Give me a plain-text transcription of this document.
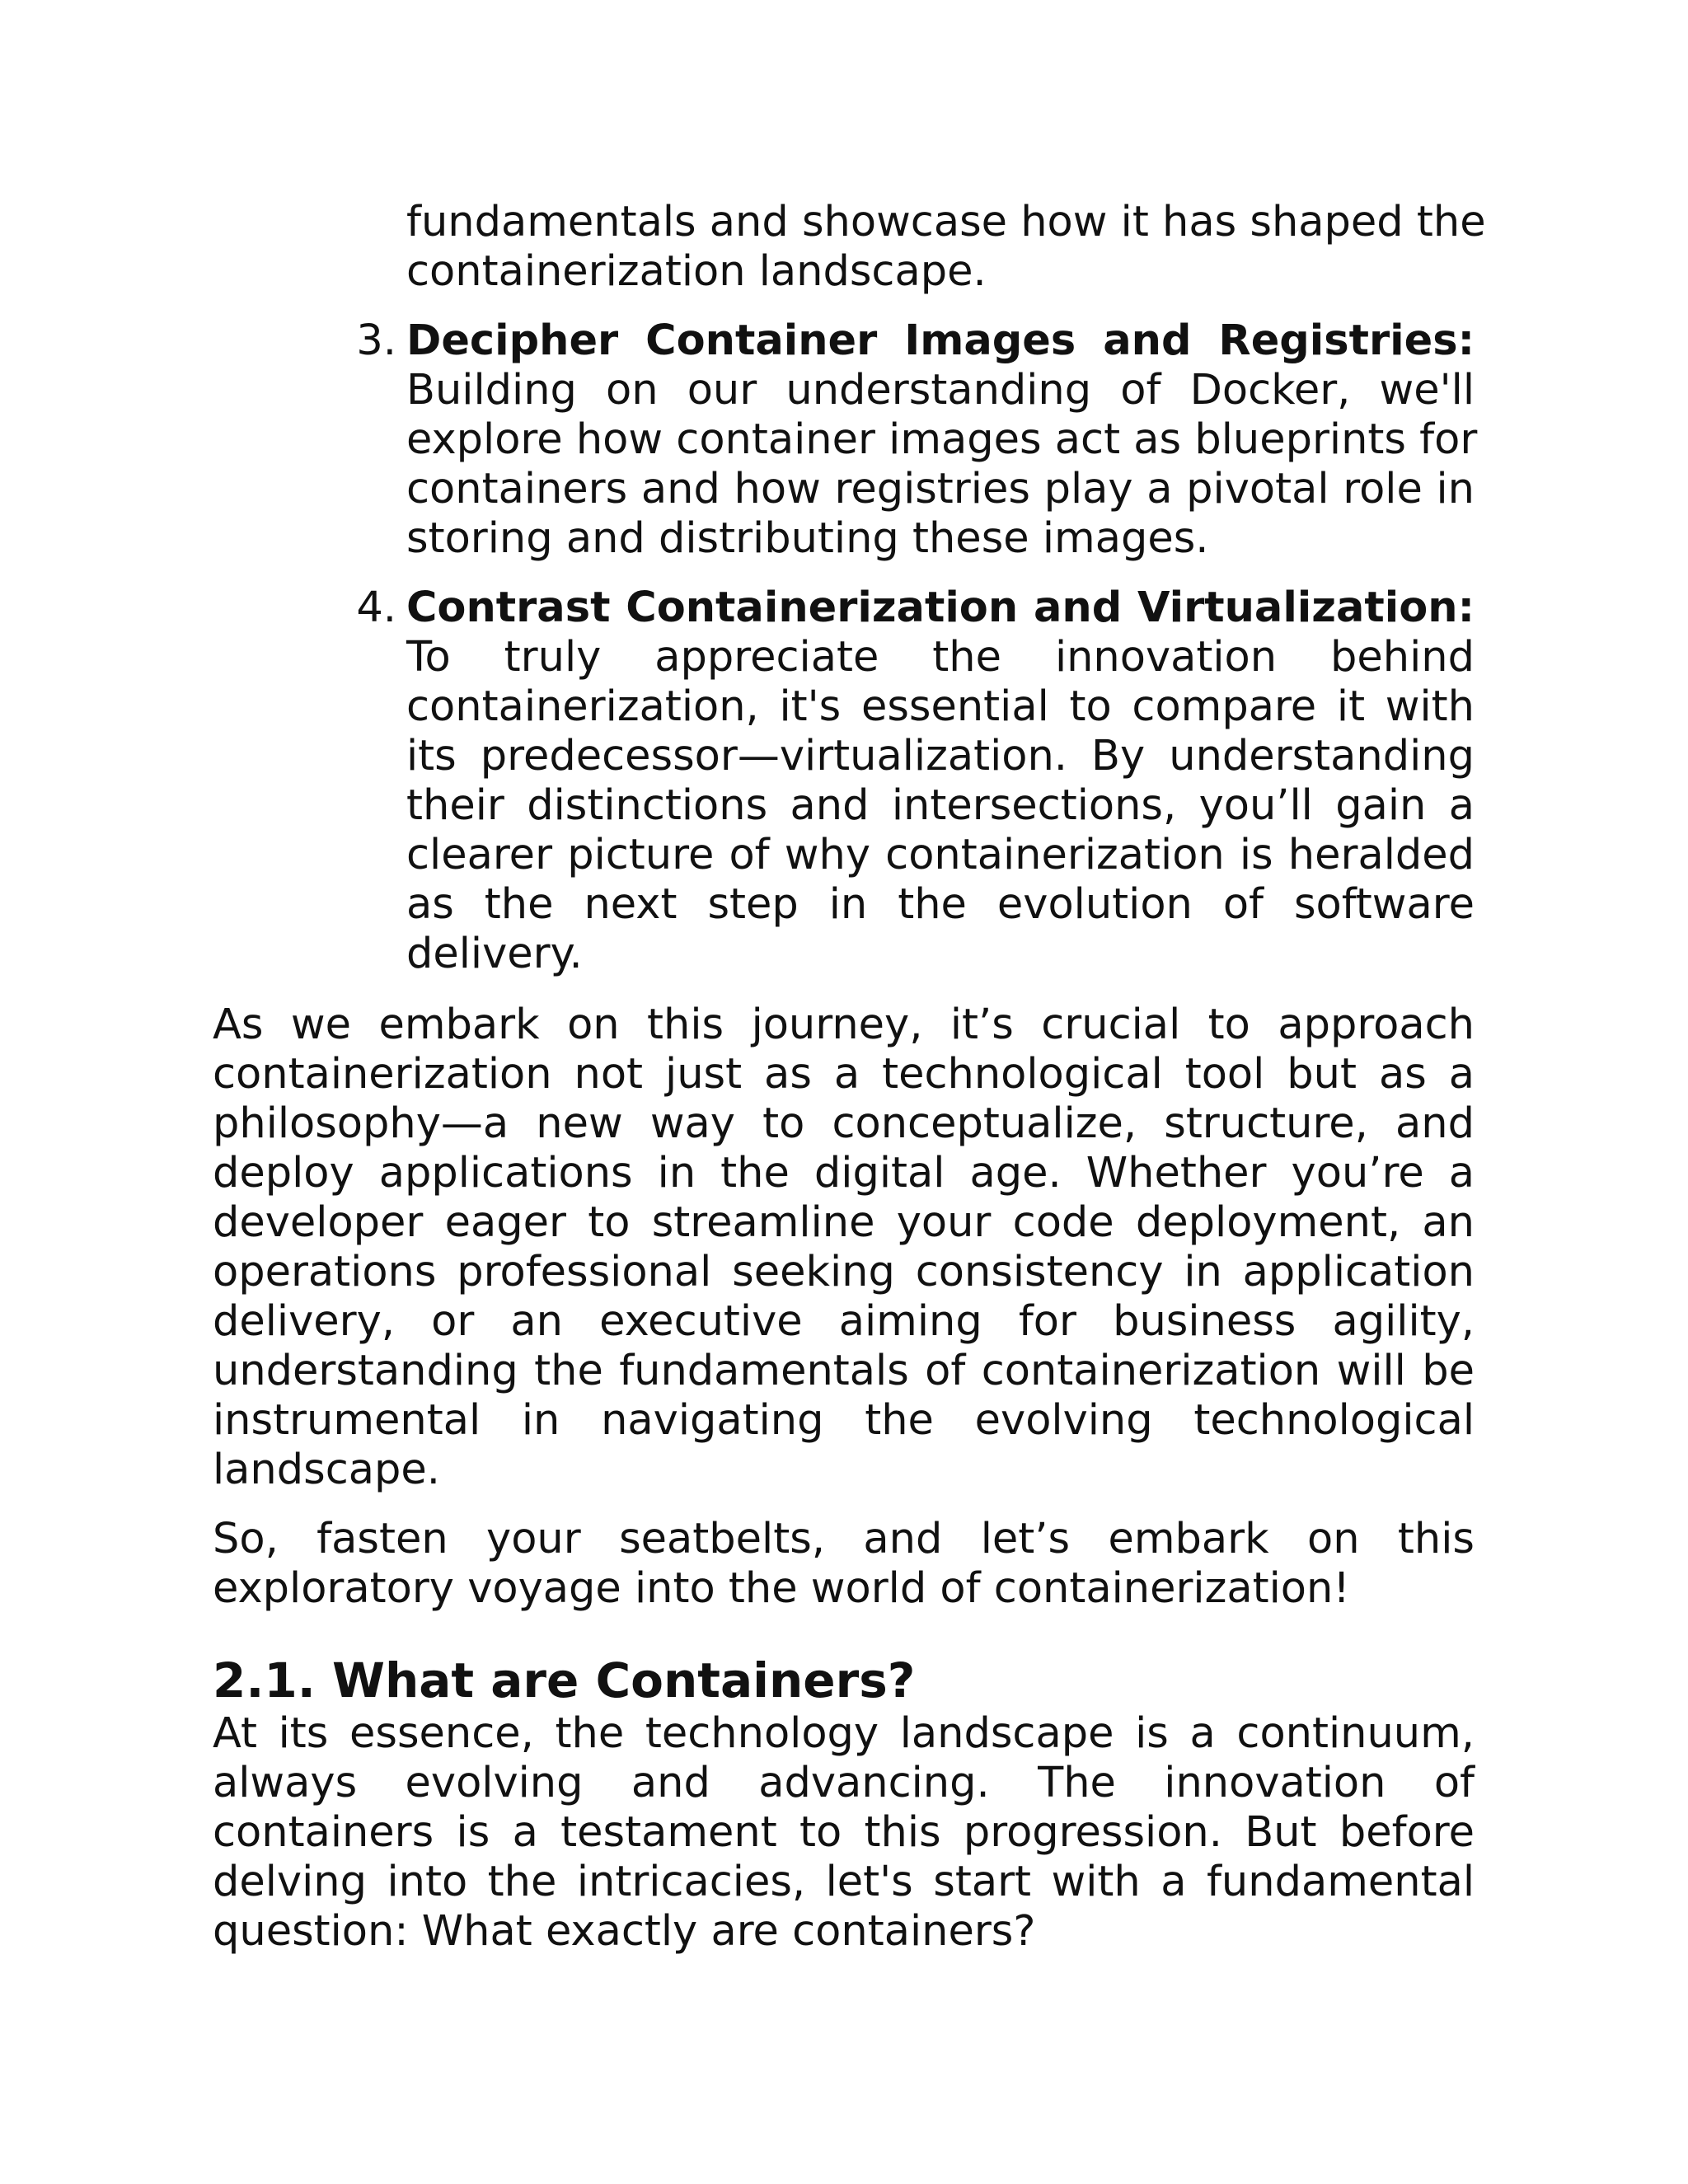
fundamentals and showcase how it has shaped the
containerization landscape.
3. Decipher Container Images and Registries:
Building on our understanding of Docker, we'll
explore how container images act as blueprints for
containers and how registries play a pivotal role in
storing and distributing these images.
4. Contrast Containerization and Virtualization:
To truly appreciate the innovation behind
containerization, it's essential to compare it with
its predecessor—virtualization. By understanding
their distinctions and intersections, you’ll gain a
clearer picture of why containerization is heralded
as the next step in the evolution of software
delivery.
As we embark on this journey, it’s crucial to approach
containerization not just as a technological tool but as a
philosophy—a new way to conceptualize, structure, and
deploy applications in the digital age. Whether you’re a
developer eager to streamline your code deployment, an
operations professional seeking consistency in application
delivery, or an executive aiming for business agility,
understanding the fundamentals of containerization will be
instrumental in navigating the evolving technological
landscape.
So, fasten your seatbelts, and let’s embark on this
exploratory voyage into the world of containerization!
2.1. What are Containers?
At its essence, the technology landscape is a continuum,
always evolving and advancing. The innovation of
containers is a testament to this progression. But before
delving into the intricacies, let's start with a fundamental
question: What exactly are containers?
